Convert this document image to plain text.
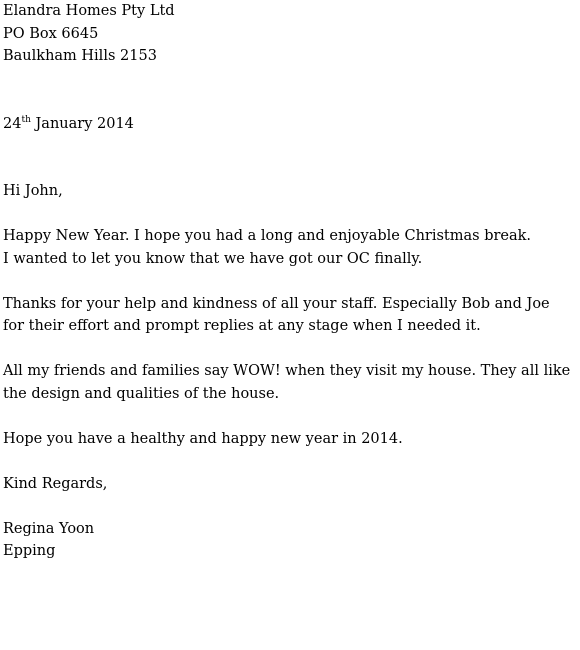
Elandra Homes Pty Ltd
PO Box 6645
Baulkham Hills 2153
24th January 2014
Hi John,
Happy New Year. I hope you had a long and enjoyable Christmas break.
I wanted to let you know that we have got our OC finally.
Thanks for your help and kindness of all your staff. Especially Bob and Joe
for their effort and prompt replies at any stage when I needed it.
All my friends and families say WOW! when they visit my house. They all like
the design and qualities of the house.
Hope you have a healthy and happy new year in 2014.
Kind Regards,
Regina Yoon
Epping
